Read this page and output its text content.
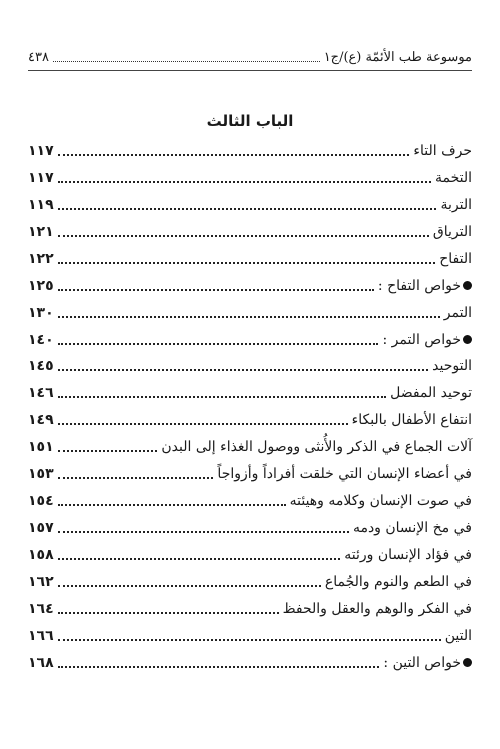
موسوعة طب الأئمّة (ع)/ج١
٤٣٨
الباب الثالث
حرف التاء
١١٧
التخمة
١١٧
التربة
١١٩
الترياق
١٢١
التفاح
١٢٢
خواص التفاح :
١٢٥
التمر
١٣٠
خواص التمر :
١٤٠
التوحيد
١٤٥
توحيد المفضل
١٤٦
انتفاع الأطفال بالبكاء
١٤٩
آلات الجماع في الذكر والأُنثى ووصول الغذاء إلى البدن
١٥١
في أعضاء الإنسان التي خلقت أفراداً وأزواجاً
١٥٣
في صوت الإنسان وكلامه وهيئته
١٥٤
في مخ الإنسان ودمه
١٥٧
في فؤاد الإنسان ورئته
١٥٨
في الطعم والنوم والجُماع
١٦٢
في الفكر والوهم والعقل والحفظ
١٦٤
التين
١٦٦
خواص التين :
١٦٨
